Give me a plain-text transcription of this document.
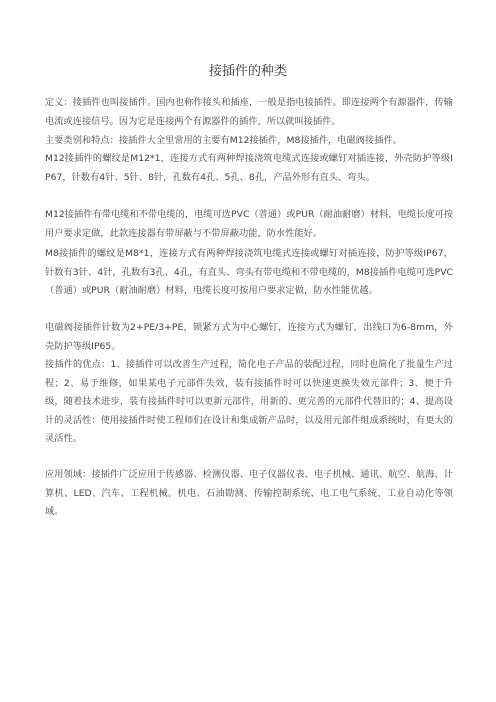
接插件的种类
定义：接插件也叫接插件。国内也称作接头和插座，一般是指电接插件。即连接两个有源器件，传输电流或连接信号。因为它是连接两个有源器件的插件，所以就叫接插件。
主要类别和特点：接插件大全里常用的主要有M12接插件，M8接插件，电磁阀接插件。
M12接插件的螺纹是M12*1，连接方式有两种焊接浇筑电缆式连接或螺钉对插连接，外壳防护等级IP67，针数有4针、5针、8针，孔数有4孔、5孔、8孔，产品外形有直头、弯头。
M12接插件有带电缆和不带电缆的，电缆可选PVC（普通）或PUR（耐油耐磨）材料，电缆长度可按用户要求定做，此款连接器有带屏蔽与不带屏蔽功能，防水性能好。
M8接插件的螺纹是M8*1，连接方式有两种焊接浇筑电缆式连接或螺钉对插连接，防护等级IP67，针数有3针、4针，孔数有3孔、4孔，有直头、弯头有带电缆和不带电缆的，M8接插件电缆可选PVC（普通）或PUR（耐油耐磨）材料，电缆长度可按用户要求定做，防水性能优越。
电磁阀接插件针数为2+PE/3+PE，锁紧方式为中心螺钉，连接方式为螺钉，出线口为6-8mm，外壳防护等级IP65。
接插件的优点：1、接插件可以改善生产过程，简化电子产品的装配过程，同时也简化了批量生产过程；2、易于维修，如果某电子元部件失效，装有接插件时可以快速更换失效元部件；3、便于升级，随着技术进步，装有接插件时可以更新元部件，用新的、更完善的元部件代替旧的；4、提高设计的灵活性：使用接插件时使工程师们在设计和集成新产品时，以及用元部件组成系统时，有更大的灵活性。
应用领域：接插件广泛应用于传感器、检测仪器、电子仪器仪表、电子机械、通讯、航空、航海、计算机、LED、汽车、工程机械。机电、石油勘测、传输控制系统、电工电气系统、工业自动化等领域。
